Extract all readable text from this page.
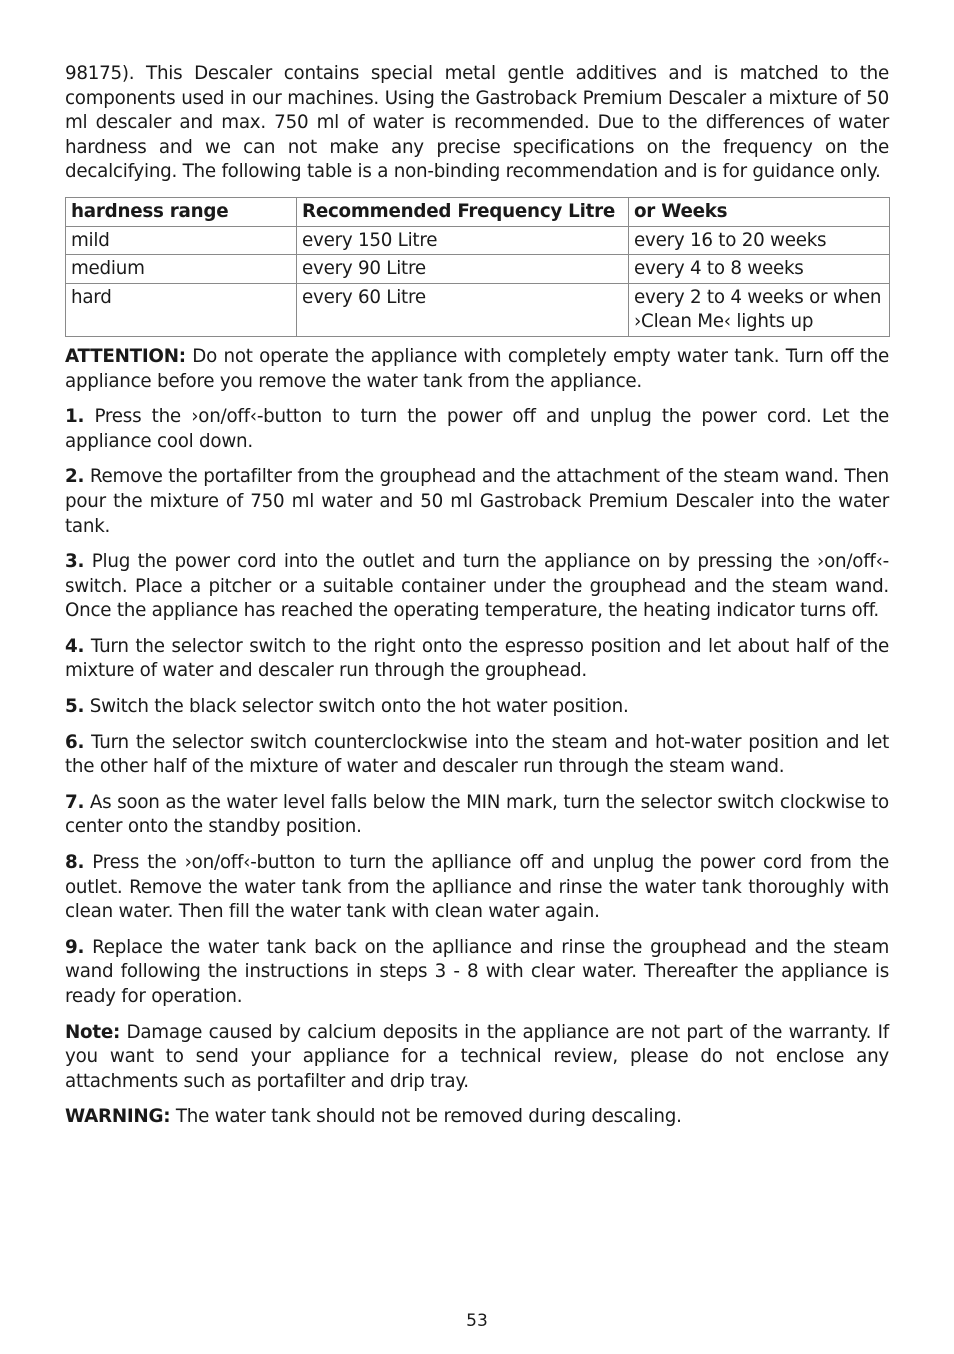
98175). This Descaler contains special metal gentle additives and is matched to the components used in our machines. Using the Gastroback Premium Descaler a mixture of 50 ml descaler and max. 750 ml of water is recommended. Due to the differences of water hardness and we can not make any precise specifications on the frequency on the decalcifying. The following table is a non-binding recommendation and is for guidance only.

hardness range	Recommended Frequency Litre	or Weeks
mild	every 150 Litre	every 16 to 20 weeks
medium	every 90 Litre	every 4 to 8 weeks
hard	every 60 Litre	every 2 to 4 weeks or when ›Clean Me‹ lights up

ATTENTION: Do not operate the appliance with completely empty water tank. Turn off the appliance before you remove the water tank from the appliance.

1. Press the ›on/off‹-button to turn the power off and unplug the power cord. Let the appliance cool down.

2. Remove the portafilter from the grouphead and the attachment of the steam wand. Then pour the mixture of 750 ml water and 50 ml Gastroback Premium Descaler into the water tank.

3. Plug the power cord into the outlet and turn the appliance on by pressing the ›on/off‹-switch. Place a pitcher or a suitable container under the grouphead and the steam wand. Once the appliance has reached the operating temperature, the heating indicator turns off.

4. Turn the selector switch to the right onto the espresso position and let about half of the mixture of water and descaler run through the grouphead.

5. Switch the black selector switch onto the hot water position.

6. Turn the selector switch counterclockwise into the steam and hot-water position and let the other half of the mixture of water and descaler run through the steam wand.

7. As soon as the water level falls below the MIN mark, turn the selector switch clockwise to center onto the standby position.

8. Press the ›on/off‹-button to turn the aplliance off and unplug the power cord from the outlet. Remove the water tank from the aplliance and rinse the water tank thoroughly with clean water. Then fill the water tank with clean water again.

9. Replace the water tank back on the aplliance and rinse the grouphead and the steam wand following the instructions in steps 3 - 8 with clear water. Thereafter the appliance is ready for operation.

Note: Damage caused by calcium deposits in the appliance are not part of the warranty. If you want to send your appliance for a technical review, please do not enclose any attachments such as portafilter and drip tray.

WARNING: The water tank should not be removed during descaling.

53
